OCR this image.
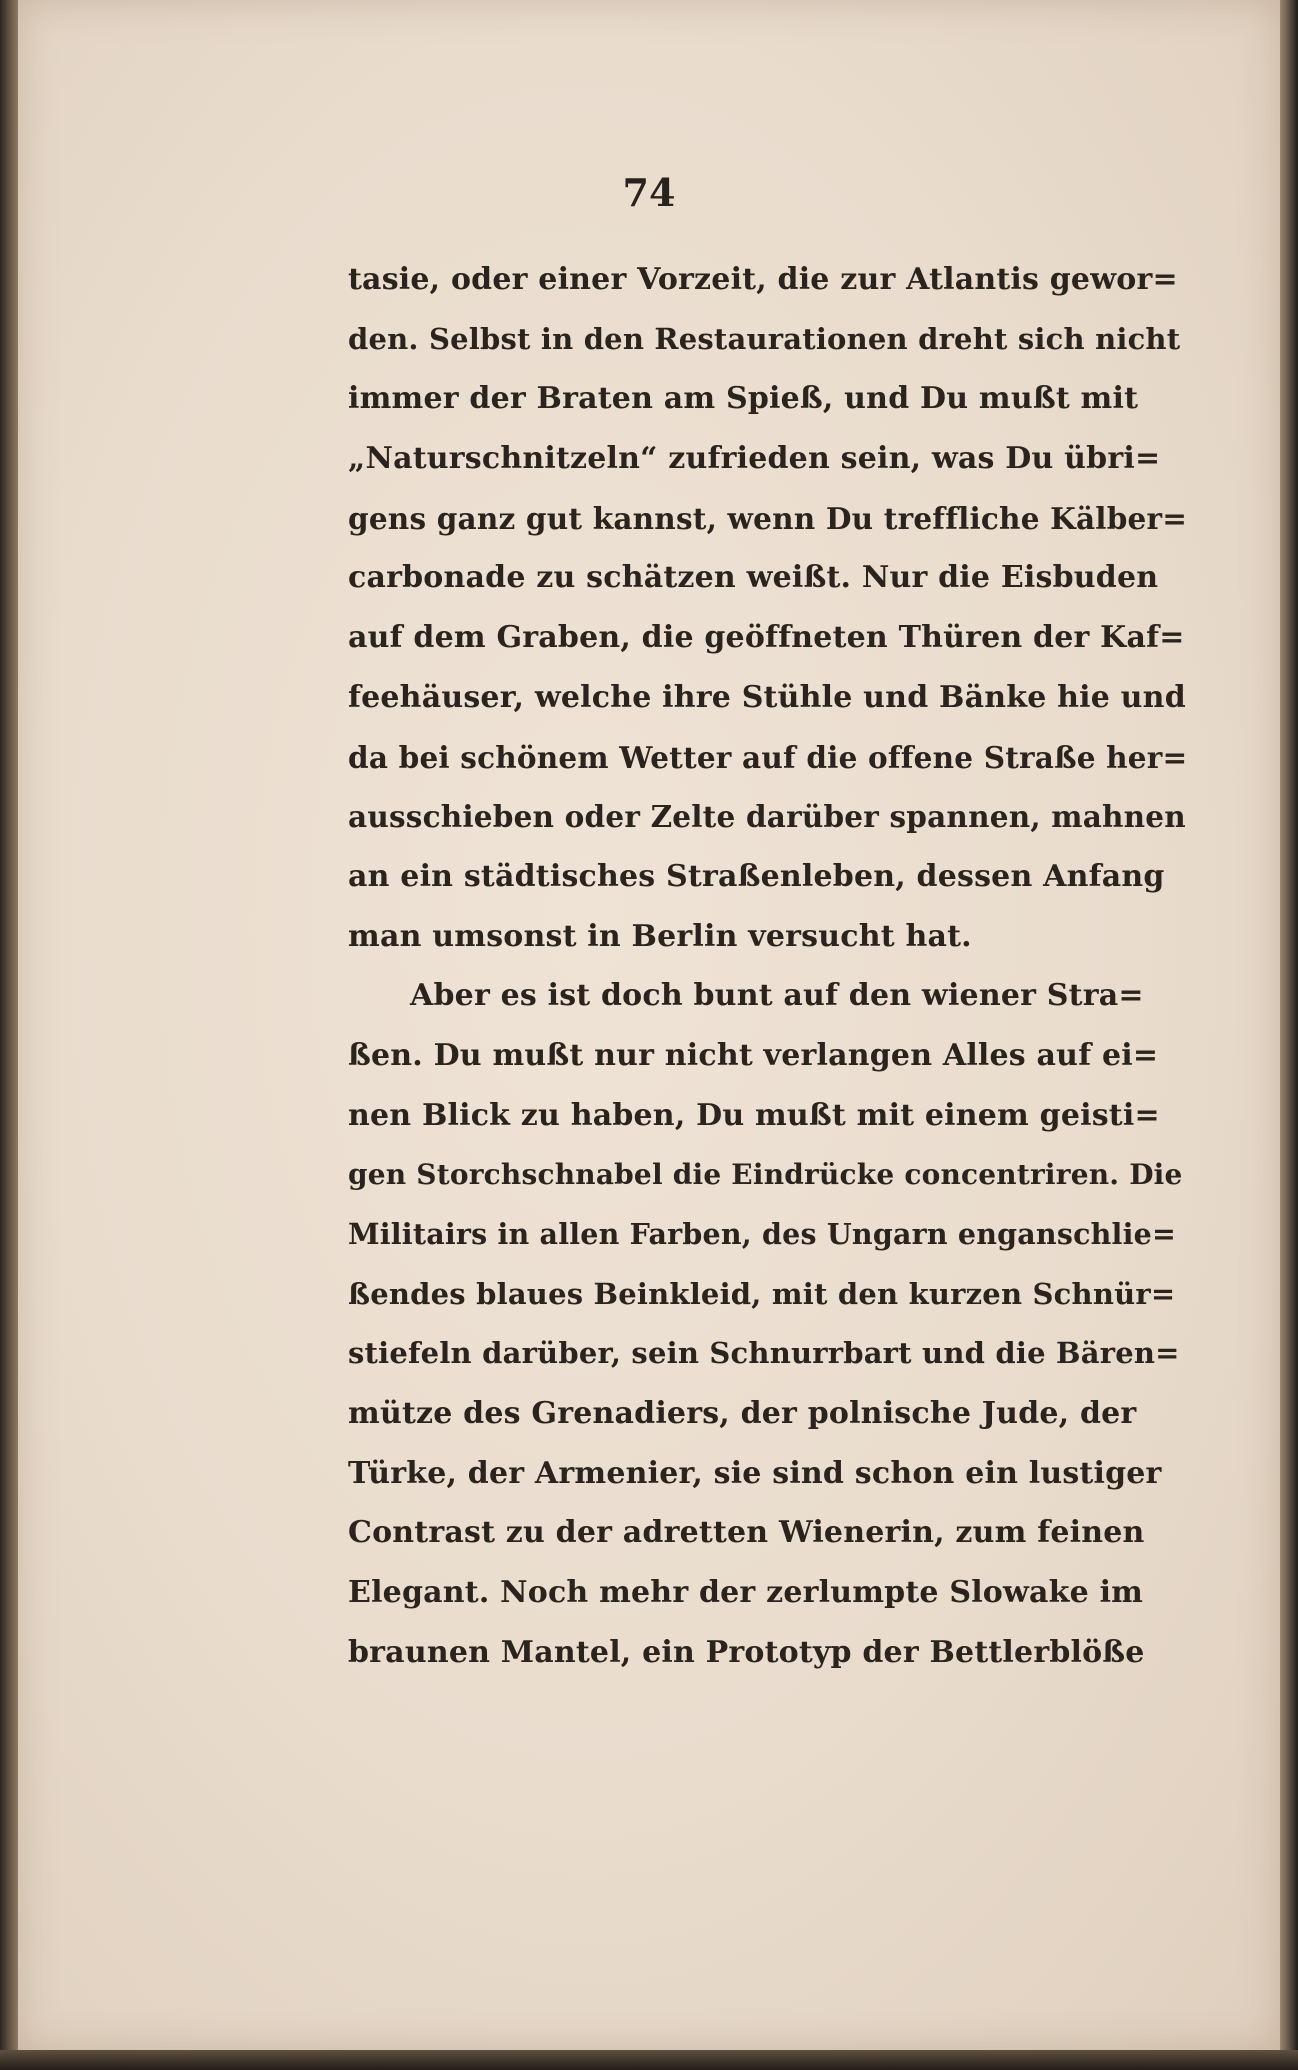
74
tasie, oder einer Vorzeit, die zur Atlantis gewor=
den. Selbst in den Restaurationen dreht sich nicht
immer der Braten am Spieß, und Du mußt mit
„Naturschnitzeln“ zufrieden sein, was Du übri=
gens ganz gut kannst, wenn Du treffliche Kälber=
carbonade zu schätzen weißt. Nur die Eisbuden
auf dem Graben, die geöffneten Thüren der Kaf=
feehäuser, welche ihre Stühle und Bänke hie und
da bei schönem Wetter auf die offene Straße her=
ausschieben oder Zelte darüber spannen, mahnen
an ein städtisches Straßenleben, dessen Anfang
man umsonst in Berlin versucht hat.
Aber es ist doch bunt auf den wiener Stra=
ßen. Du mußt nur nicht verlangen Alles auf ei=
nen Blick zu haben, Du mußt mit einem geisti=
gen Storchschnabel die Eindrücke concentriren. Die
Militairs in allen Farben, des Ungarn enganschlie=
ßendes blaues Beinkleid, mit den kurzen Schnür=
stiefeln darüber, sein Schnurrbart und die Bären=
mütze des Grenadiers, der polnische Jude, der
Türke, der Armenier, sie sind schon ein lustiger
Contrast zu der adretten Wienerin, zum feinen
Elegant. Noch mehr der zerlumpte Slowake im
braunen Mantel, ein Prototyp der Bettlerblöße
